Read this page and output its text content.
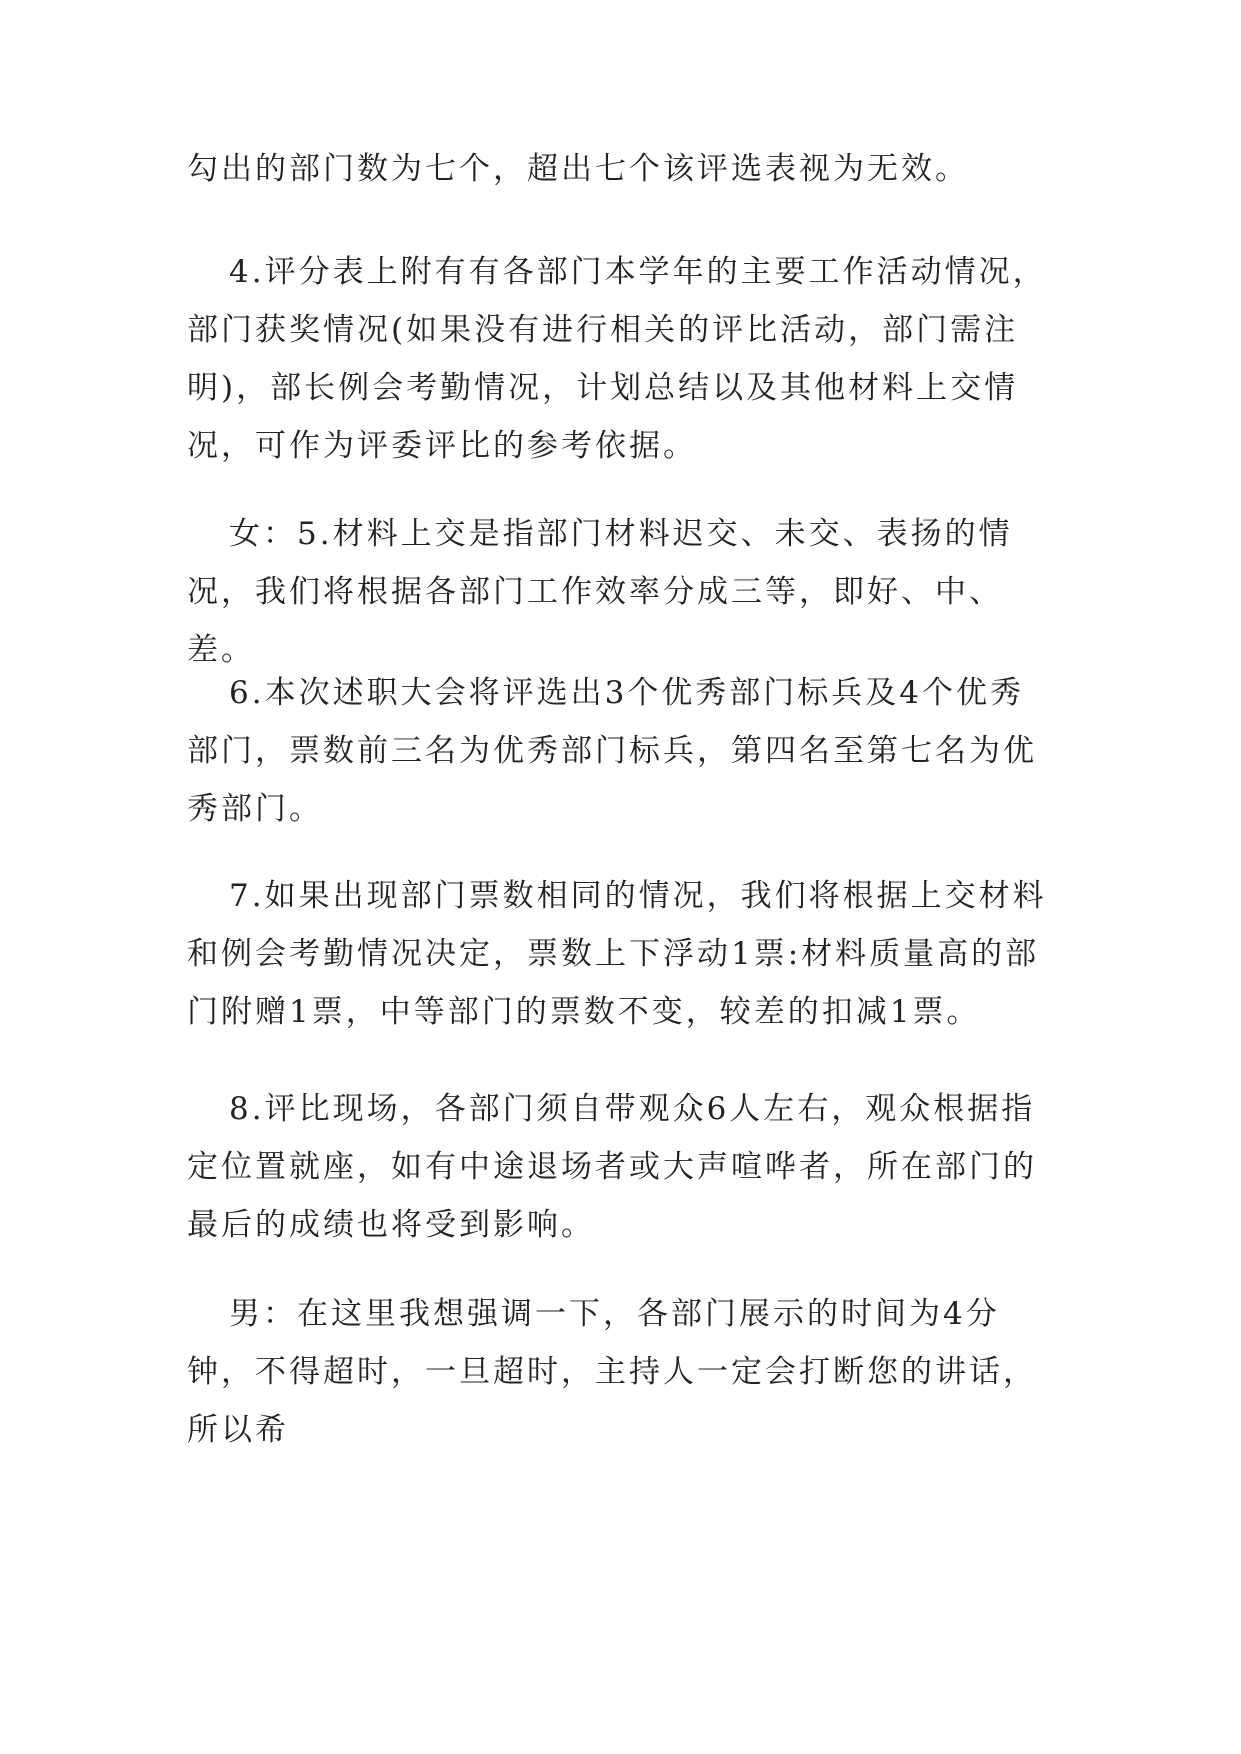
勾出的部门数为七个，超出七个该评选表视为无效。

4.评分表上附有有各部门本学年的主要工作活动情况，部门获奖情况(如果没有进行相关的评比活动，部门需注明)，部长例会考勤情况，计划总结以及其他材料上交情况，可作为评委评比的参考依据。

女：5.材料上交是指部门材料迟交、未交、表扬的情况，我们将根据各部门工作效率分成三等，即好、中、差。

6.本次述职大会将评选出3个优秀部门标兵及4个优秀部门，票数前三名为优秀部门标兵，第四名至第七名为优秀部门。

7.如果出现部门票数相同的情况，我们将根据上交材料和例会考勤情况决定，票数上下浮动1票:材料质量高的部门附赠1票，中等部门的票数不变，较差的扣减1票。

8.评比现场，各部门须自带观众6人左右，观众根据指定位置就座，如有中途退场者或大声喧哗者，所在部门的最后的成绩也将受到影响。

男：在这里我想强调一下，各部门展示的时间为4分钟，不得超时，一旦超时，主持人一定会打断您的讲话，所以希
